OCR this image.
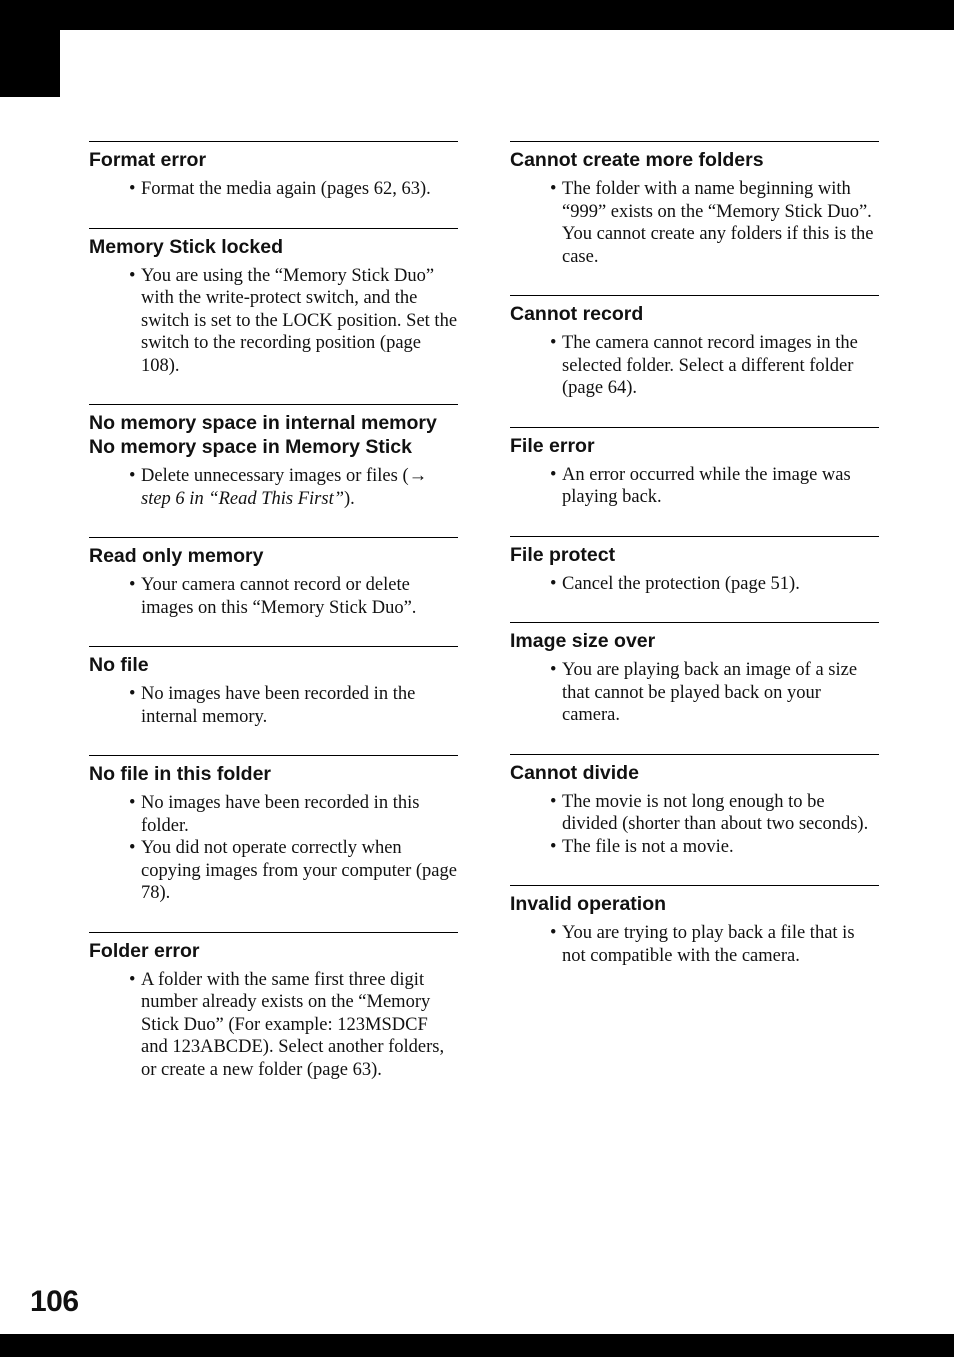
Format error
• Format the media again (pages 62, 63).
Memory Stick locked
• You are using the “Memory Stick Duo” with the write-protect switch, and the switch is set to the LOCK position. Set the switch to the recording position (page 108).
No memory space in internal memory
No memory space in Memory Stick
• Delete unnecessary images or files (→ step 6 in “Read This First”).
Read only memory
• Your camera cannot record or delete images on this “Memory Stick Duo”.
No file
• No images have been recorded in the internal memory.
No file in this folder
• No images have been recorded in this folder.
• You did not operate correctly when copying images from your computer (page 78).
Folder error
• A folder with the same first three digit number already exists on the “Memory Stick Duo” (For example: 123MSDCF and 123ABCDE). Select another folders, or create a new folder (page 63).
Cannot create more folders
• The folder with a name beginning with “999” exists on the “Memory Stick Duo”. You cannot create any folders if this is the case.
Cannot record
• The camera cannot record images in the selected folder. Select a different folder (page 64).
File error
• An error occurred while the image was playing back.
File protect
• Cancel the protection (page 51).
Image size over
• You are playing back an image of a size that cannot be played back on your camera.
Cannot divide
• The movie is not long enough to be divided (shorter than about two seconds).
• The file is not a movie.
Invalid operation
• You are trying to play back a file that is not compatible with the camera.
106
